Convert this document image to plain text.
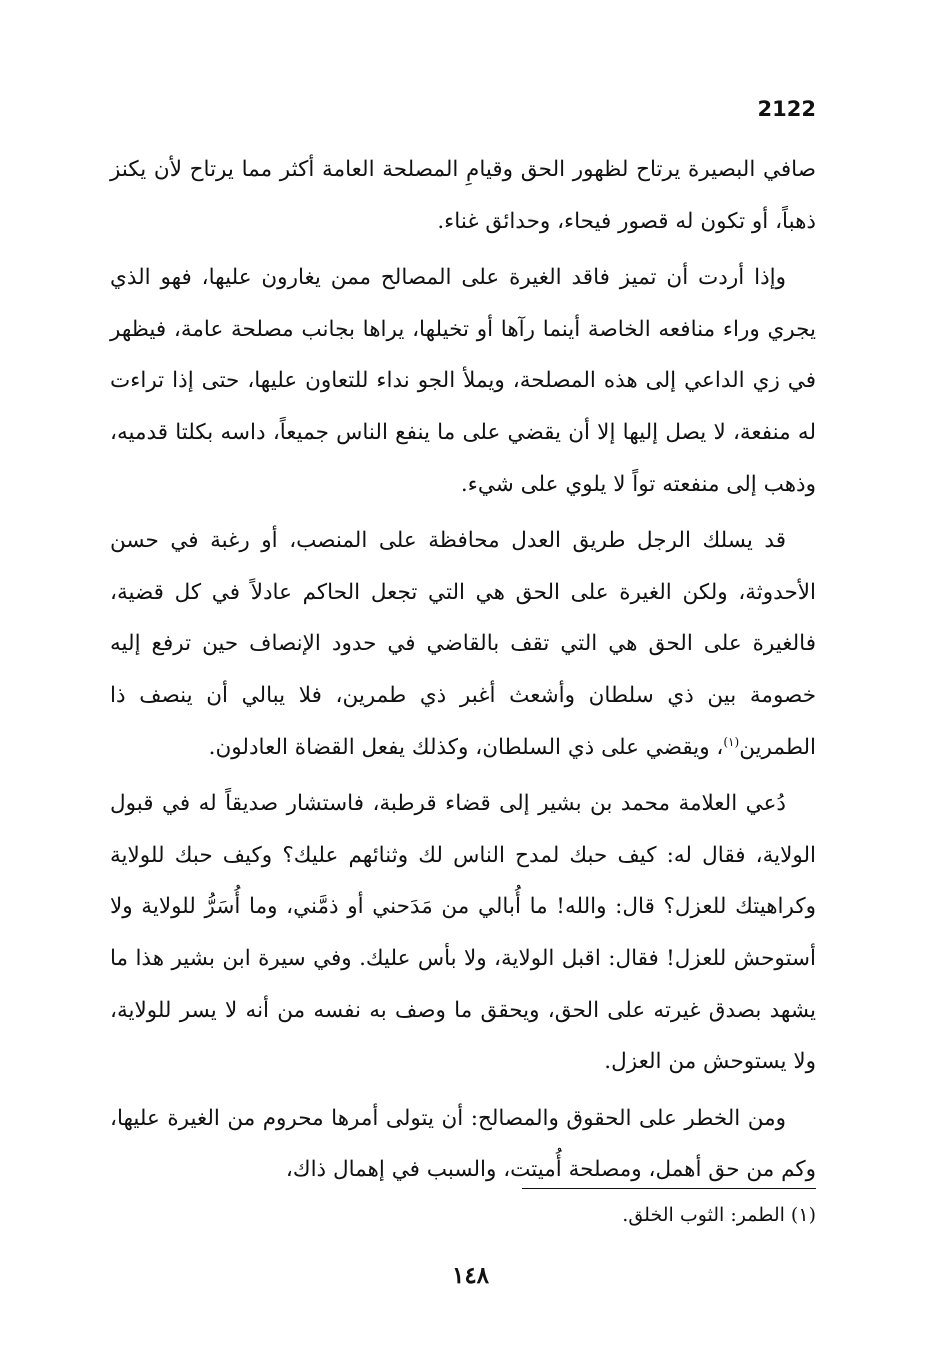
2122

صافي البصيرة يرتاح لظهور الحق وقيامِ المصلحة العامة أكثر مما يرتاح لأن يكنز ذهباً، أو تكون له قصور فيحاء، وحدائق غناء.

وإذا أردت أن تميز فاقد الغيرة على المصالح ممن يغارون عليها، فهو الذي يجري وراء منافعه الخاصة أينما رآها أو تخيلها، يراها بجانب مصلحة عامة، فيظهر في زي الداعي إلى هذه المصلحة، ويملأ الجو نداء للتعاون عليها، حتى إذا تراءت له منفعة، لا يصل إليها إلا أن يقضي على ما ينفع الناس جميعاً، داسه بكلتا قدميه، وذهب إلى منفعته تواً لا يلوي على شيء.

قد يسلك الرجل طريق العدل محافظة على المنصب، أو رغبة في حسن الأحدوثة، ولكن الغيرة على الحق هي التي تجعل الحاكم عادلاً في كل قضية، فالغيرة على الحق هي التي تقف بالقاضي في حدود الإنصاف حين ترفع إليه خصومة بين ذي سلطان وأشعث أغبر ذي طمرين، فلا يبالي أن ينصف ذا الطمرين$^{(١)}$، ويقضي على ذي السلطان، وكذلك يفعل القضاة العادلون.

دُعي العلامة محمد بن بشير إلى قضاء قرطبة، فاستشار صديقاً له في قبول الولاية، فقال له: كيف حبك لمدح الناس لك وثنائهم عليك؟ وكيف حبك للولاية وكراهيتك للعزل؟ قال: والله! ما أُبالي من مَدَحني أو ذمَّني، وما أُسَرُّ للولاية ولا أستوحش للعزل! فقال: اقبل الولاية، ولا بأس عليك. وفي سيرة ابن بشير هذا ما يشهد بصدق غيرته على الحق، ويحقق ما وصف به نفسه من أنه لا يسر للولاية، ولا يستوحش من العزل.

ومن الخطر على الحقوق والمصالح: أن يتولى أمرها محروم من الغيرة عليها، وكم من حق أهمل، ومصلحة أُميتت، والسبب في إهمال ذاك،

(١) الطمر: الثوب الخلق.
١٤٨
